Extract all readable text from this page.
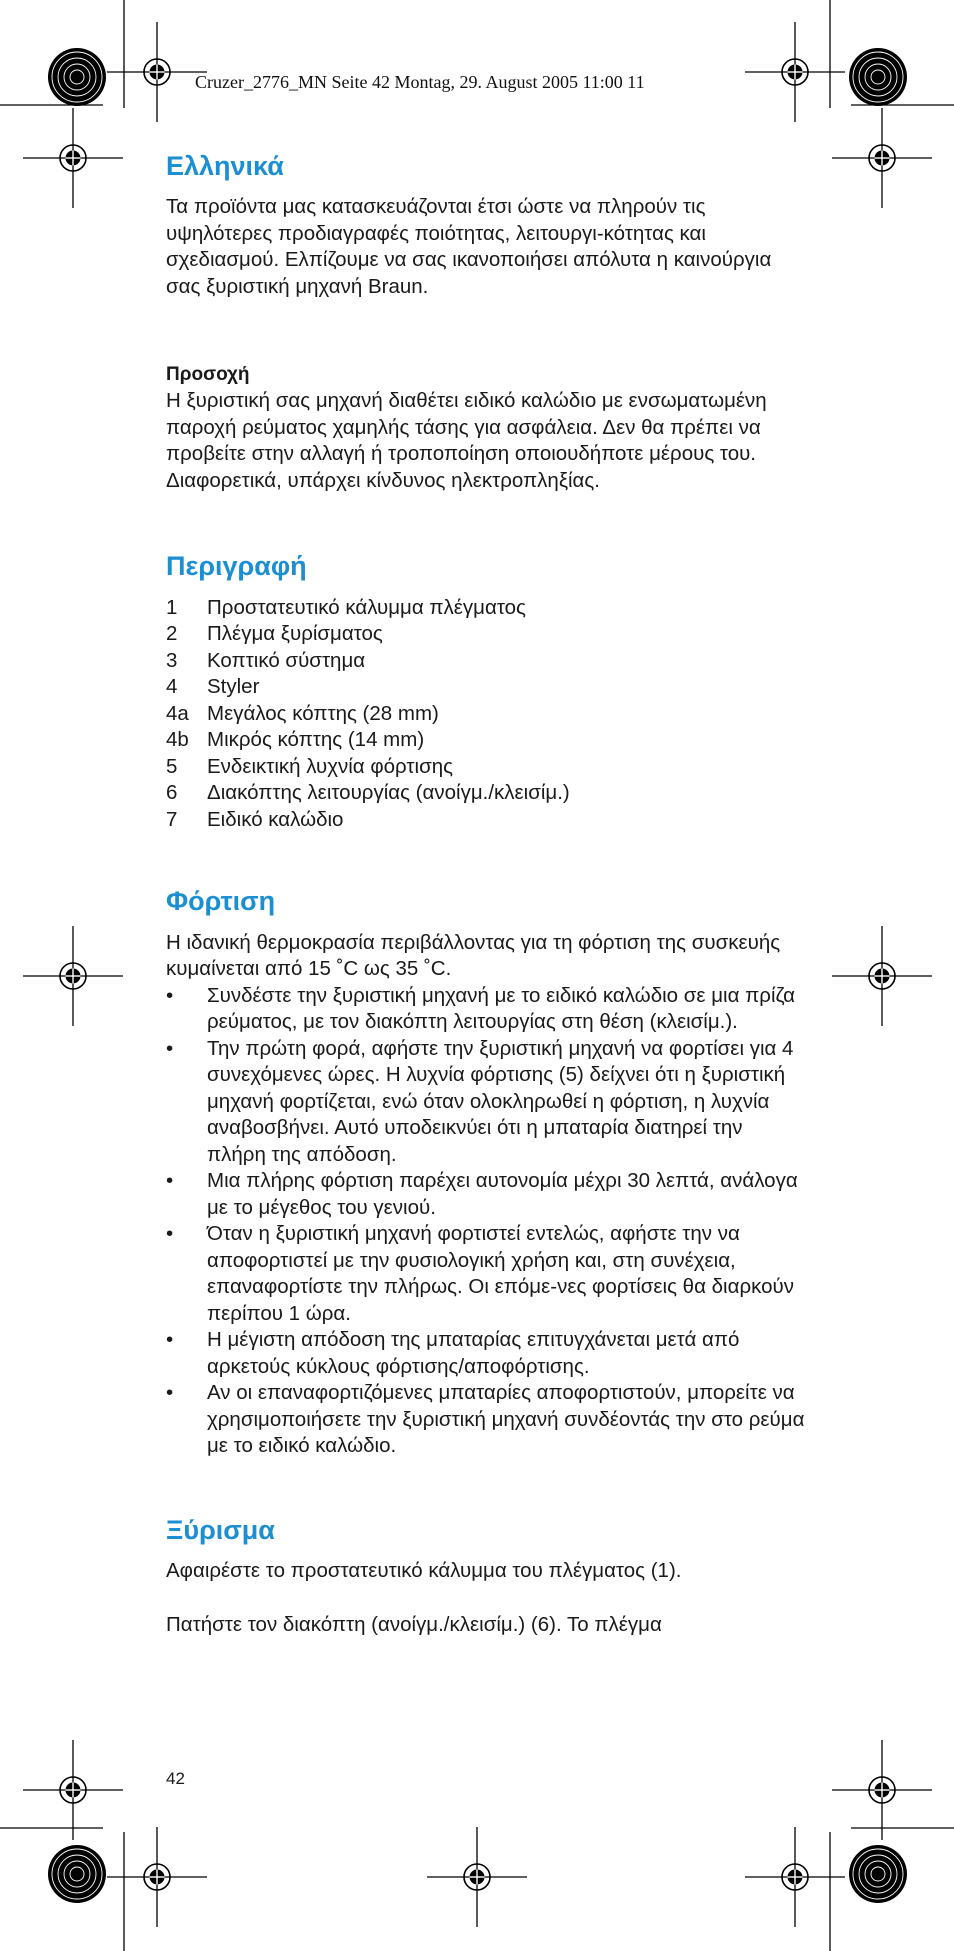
Cruzer_2776_MN Seite 42 Montag, 29. August 2005 11:00 11
Ελληνικά

Τα προϊόντα μας κατασκευάζονται έτσι ώστε να πληρούν τις υψηλότερες προδιαγραφές ποιότητας, λειτουργι-κότητας και σχεδιασμού. Ελπίζουμε να σας ικανοποιήσει απόλυτα η καινούργια σας ξυριστική μηχανή Braun.

Προσοχή

Η ξυριστική σας μηχανή διαθέτει ειδικό καλώδιο με ενσωματωμένη παροχή ρεύματος χαμηλής τάσης για ασφάλεια. Δεν θα πρέπει να προβείτε στην αλλαγή ή τροποποίηση οποιουδήποτε μέρους του. Διαφορετικά, υπάρχει κίνδυνος ηλεκτροπληξίας.

Περιγραφή
1	Προστατευτικό κάλυμμα πλέγματος
2	Πλέγμα ξυρίσματος
3	Κοπτικό σύστημα
4	Styler
4a Μεγάλος κόπτης (28 mm)
4b Μικρός κόπτης (14 mm)
5	Ενδεικτική λυχνία φόρτισης
6	Διακόπτης λειτουργίας (ανοίγμ./κλεισίμ.)
7	Ειδικό καλώδιο
Φόρτιση

Η ιδανική θερμοκρασία περιβάλλοντας για τη φόρτιση της συσκευής κυμαίνεται από 15 ˚C ως 35 ˚C.

•	Συνδέστε την ξυριστική μηχανή με το ειδικό καλώδιο σε μια πρίζα ρεύματος, με τον διακόπτη λειτουργίας στη θέση (κλεισίμ.).
•	Την πρώτη φορά, αφήστε την ξυριστική μηχανή να φορτίσει για 4 συνεχόμενες ώρες. Η λυχνία φόρτισης (5) δείχνει ότι η ξυριστική μηχανή φορτίζεται, ενώ όταν ολοκληρωθεί η φόρτιση, η λυχνία αναβοσβήνει. Αυτό υποδεικνύει ότι η μπαταρία διατηρεί την πλήρη της απόδοση.
•	Μια πλήρης φόρτιση παρέχει αυτονομία μέχρι 30 λεπτά, ανάλογα με το μέγεθος του γενιού.
•	Όταν η ξυριστική μηχανή φορτιστεί εντελώς, αφήστε την να αποφορτιστεί με την φυσιολογική χρήση και, στη συνέχεια, επαναφορτίστε την πλήρως. Οι επόμε-νες φορτίσεις θα διαρκούν περίπου 1 ώρα.
•	Η μέγιστη απόδοση της μπαταρίας επιτυγχάνεται μετά από αρκετούς κύκλους φόρτισης/αποφόρτισης.
•	Αν οι επαναφορτιζόμενες μπαταρίες αποφορτιστούν, μπορείτε να χρησιμοποιήσετε την ξυριστική μηχανή συνδέοντάς την στο ρεύμα με το ειδικό καλώδιο.
Ξύρισμα

Αφαιρέστε το προστατευτικό κάλυμμα του πλέγματος (1).

Πατήστε τον διακόπτη (ανοίγμ./κλεισίμ.) (6). Το πλέγμα

42
